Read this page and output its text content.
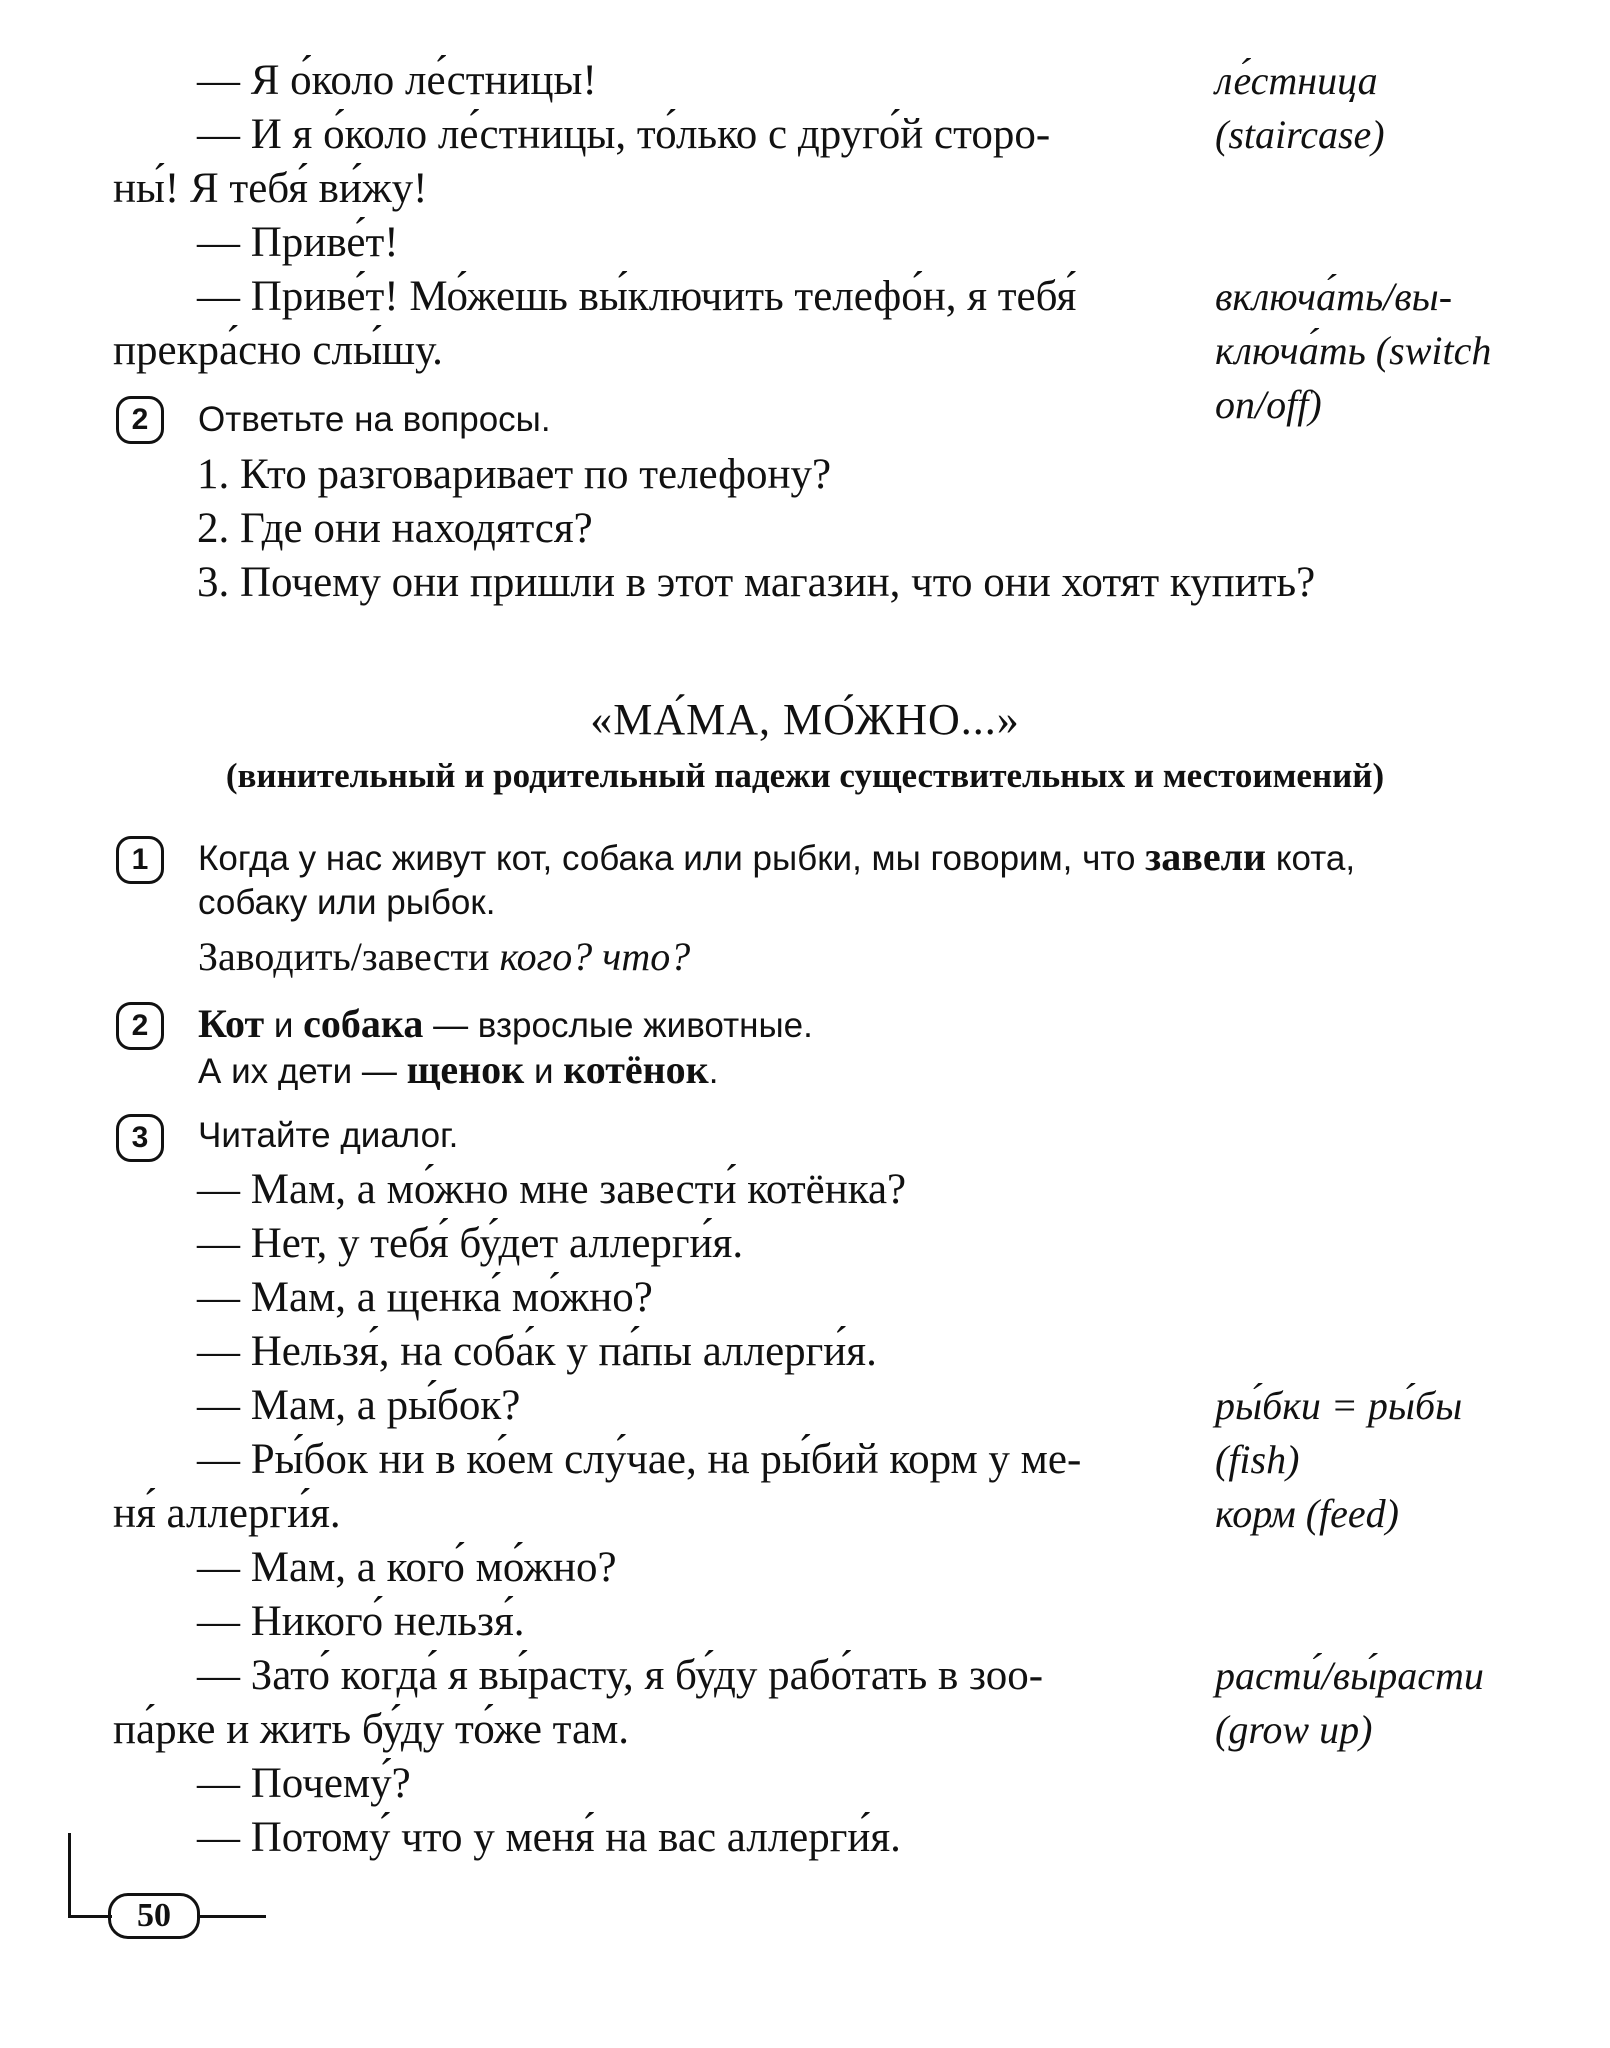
— Я о́коло ле́стницы!
— И я о́коло ле́стницы, то́лько с друго́й сторо-
ны́! Я тебя́ ви́жу!
— Приве́т!
— Приве́т! Мо́жешь вы́ключить телефо́н, я тебя́
прекра́сно слы́шу.
ле́стница
(staircase)
включа́ть/вы-
ключа́ть (switch
on/off)
2	Ответьте на вопросы.
1. Кто разговаривает по телефону?
2. Где они находятся?
3. Почему они пришли в этот магазин, что они хотят купить?
«МА́МА, МО́ЖНО...»
(винительный и родительный падежи существительных и местоимений)
1	Когда у нас живут кот, собака или рыбки, мы говорим, что завели кота,
собаку или рыбок.
Заводить/завести кого? что?
2	Кот и собака — взрослые животные.
А их дети — щенок и котёнок.
3	Читайте диалог.
— Мам, а мо́жно мне завести́ котёнка?
— Нет, у тебя́ бу́дет аллерги́я.
— Мам, а щенка́ мо́жно?
— Нельзя́, на соба́к у па́пы аллерги́я.
— Мам, а ры́бок?
— Ры́бок ни в ко́ем слу́чае, на ры́бий корм у ме-
ня́ аллерги́я.
— Мам, а кого́ мо́жно?
— Никого́ нельзя́.
— Зато́ когда́ я вы́расту, я бу́ду рабо́тать в зоо-
па́рке и жить бу́ду то́же там.
— Почему́?
— Потому́ что у меня́ на вас аллерги́я.
ры́бки = ры́бы
(fish)
корм (feed)
расти́/вы́расти
(grow up)
50
